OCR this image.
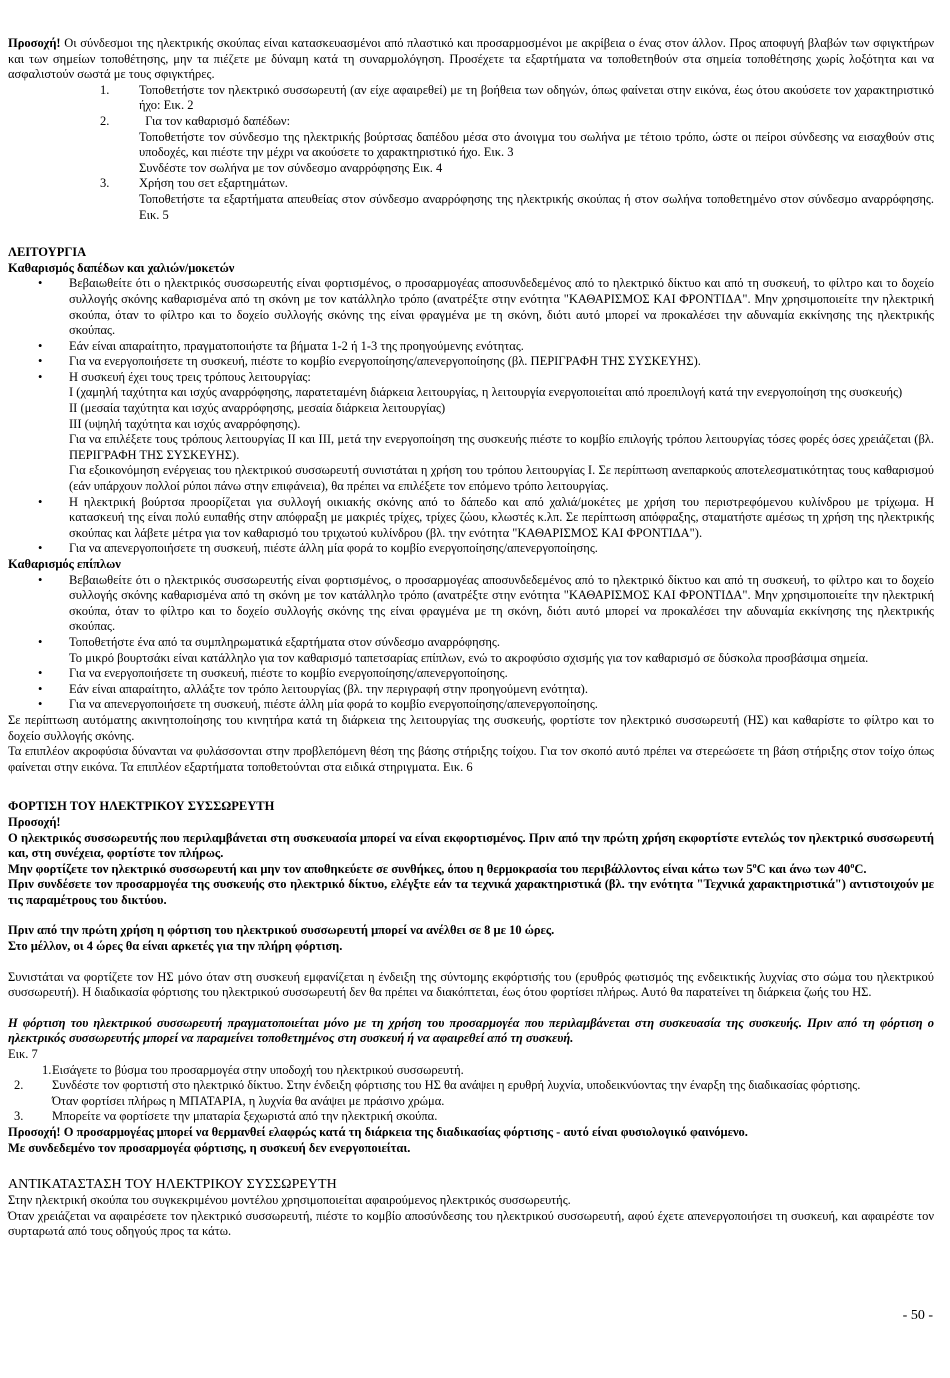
Προσοχή! Οι σύνδεσμοι της ηλεκτρικής σκούπας είναι κατασκευασμένοι από πλαστικό και προσαρμοσμένοι με ακρίβεια ο ένας στον άλλον. Προς αποφυγή βλαβών των σφιγκτήρων και των σημείων τοποθέτησης, μην τα πιέζετε με δύναμη κατά τη συναρμολόγηση. Προσέχετε τα εξαρτήματα να τοποθετηθούν στα σημεία τοποθέτησης χωρίς λοξότητα και να ασφαλιστούν σωστά με τους σφιγκτήρες.

1. Τοποθετήστε τον ηλεκτρικό συσσωρευτή (αν είχε αφαιρεθεί) με τη βοήθεια των οδηγών, όπως φαίνεται στην εικόνα, έως ότου ακούσετε τον χαρακτηριστικό ήχο: Εικ. 2

2. Για τον καθαρισμό δαπέδων:

Τοποθετήστε τον σύνδεσμο της ηλεκτρικής βούρτσας δαπέδου μέσα στο άνοιγμα του σωλήνα με τέτοιο τρόπο, ώστε οι πείροι σύνδεσης να εισαχθούν στις υποδοχές, και πιέστε την μέχρι να ακούσετε το χαρακτηριστικό ήχο. Εικ. 3

Συνδέστε τον σωλήνα με τον σύνδεσμο αναρρόφησης Εικ. 4

3. Χρήση του σετ εξαρτημάτων.

Τοποθετήστε τα εξαρτήματα απευθείας στον σύνδεσμο αναρρόφησης της ηλεκτρικής σκούπας ή στον σωλήνα τοποθετημένο στον σύνδεσμο αναρρόφησης. Εικ. 5

ΛΕΙΤΟΥΡΓΙΑ

Καθαρισμός δαπέδων και χαλιών/μοκετών

• Βεβαιωθείτε ότι ο ηλεκτρικός συσσωρευτής είναι φορτισμένος, ο προσαρμογέας αποσυνδεδεμένος από το ηλεκτρικό δίκτυο και από τη συσκευή, το φίλτρο και το δοχείο συλλογής σκόνης καθαρισμένα από τη σκόνη με τον κατάλληλο τρόπο (ανατρέξτε στην ενότητα "ΚΑΘΑΡΙΣΜΟΣ ΚΑΙ ΦΡΟΝΤΙΔΑ". Μην χρησιμοποιείτε την ηλεκτρική σκούπα, όταν το φίλτρο και το δοχείο συλλογής σκόνης της είναι φραγμένα με τη σκόνη, διότι αυτό μπορεί να προκαλέσει την αδυναμία εκκίνησης της ηλεκτρικής σκούπας.

• Εάν είναι απαραίτητο, πραγματοποιήστε τα βήματα 1-2 ή 1-3 της προηγούμενης ενότητας.

• Για να ενεργοποιήσετε τη συσκευή, πιέστε το κομβίο ενεργοποίησης/απενεργοποίησης (βλ. ΠΕΡΙΓΡΑΦΗ ΤΗΣ ΣΥΣΚΕΥΗΣ).

• Η συσκευή έχει τους τρεις τρόπους λειτουργίας:

I (χαμηλή ταχύτητα και ισχύς αναρρόφησης, παρατεταμένη διάρκεια λειτουργίας, η λειτουργία ενεργοποιείται από προεπιλογή κατά την ενεργοποίηση της συσκευής)

II (μεσαία ταχύτητα και ισχύς αναρρόφησης, μεσαία διάρκεια λειτουργίας)

III (υψηλή ταχύτητα και ισχύς αναρρόφησης).

Για να επιλέξετε τους τρόπους λειτουργίας II και III, μετά την ενεργοποίηση της συσκευής πιέστε το κομβίο επιλογής τρόπου λειτουργίας τόσες φορές όσες χρειάζεται (βλ. ΠΕΡΙΓΡΑΦΗ ΤΗΣ ΣΥΣΚΕΥΗΣ).

Για εξοικονόμηση ενέργειας του ηλεκτρικού συσσωρευτή συνιστάται η χρήση του τρόπου λειτουργίας I. Σε περίπτωση ανεπαρκούς αποτελεσματικότητας τους καθαρισμού (εάν υπάρχουν πολλοί ρύποι πάνω στην επιφάνεια), θα πρέπει να επιλέξετε τον επόμενο τρόπο λειτουργίας.

• Η ηλεκτρική βούρτσα προορίζεται για συλλογή οικιακής σκόνης από το δάπεδο και από χαλιά/μοκέτες με χρήση του περιστρεφόμενου κυλίνδρου με τρίχωμα. Η κατασκευή της είναι πολύ ευπαθής στην απόφραξη με μακριές τρίχες, τρίχες ζώου, κλωστές κ.λπ. Σε περίπτωση απόφραξης, σταματήστε αμέσως τη χρήση της ηλεκτρικής σκούπας και λάβετε μέτρα για τον καθαρισμό του τριχωτού κυλίνδρου (βλ. την ενότητα "ΚΑΘΑΡΙΣΜΟΣ ΚΑΙ ΦΡΟΝΤΙΔΑ").

• Για να απενεργοποιήσετε τη συσκευή, πιέστε άλλη μία φορά το κομβίο ενεργοποίησης/απενεργοποίησης.

Καθαρισμός επίπλων

• Βεβαιωθείτε ότι ο ηλεκτρικός συσσωρευτής είναι φορτισμένος, ο προσαρμογέας αποσυνδεδεμένος από το ηλεκτρικό δίκτυο και από τη συσκευή, το φίλτρο και το δοχείο συλλογής σκόνης καθαρισμένα από τη σκόνη με τον κατάλληλο τρόπο (ανατρέξτε στην ενότητα "ΚΑΘΑΡΙΣΜΟΣ ΚΑΙ ΦΡΟΝΤΙΔΑ". Μην χρησιμοποιείτε την ηλεκτρική σκούπα, όταν το φίλτρο και το δοχείο συλλογής σκόνης της είναι φραγμένα με τη σκόνη, διότι αυτό μπορεί να προκαλέσει την αδυναμία εκκίνησης της ηλεκτρικής σκούπας.

• Τοποθετήστε ένα από τα συμπληρωματικά εξαρτήματα στον σύνδεσμο αναρρόφησης.

Το μικρό βουρτσάκι είναι κατάλληλο για τον καθαρισμό ταπετσαρίας επίπλων, ενώ το ακροφύσιο σχισμής για τον καθαρισμό σε δύσκολα προσβάσιμα σημεία.

• Για να ενεργοποιήσετε τη συσκευή, πιέστε το κομβίο ενεργοποίησης/απενεργοποίησης.

• Εάν είναι απαραίτητο, αλλάξτε τον τρόπο λειτουργίας (βλ. την περιγραφή στην προηγούμενη ενότητα).

• Για να απενεργοποιήσετε τη συσκευή, πιέστε άλλη μία φορά το κομβίο ενεργοποίησης/απενεργοποίησης.

Σε περίπτωση αυτόματης ακινητοποίησης του κινητήρα κατά τη διάρκεια της λειτουργίας της συσκευής, φορτίστε τον ηλεκτρικό συσσωρευτή (ΗΣ) και καθαρίστε το φίλτρο και το δοχείο συλλογής σκόνης.

Τα επιπλέον ακροφύσια δύνανται να φυλάσσονται στην προβλεπόμενη θέση της βάσης στήριξης τοίχου. Για τον σκοπό αυτό πρέπει να στερεώσετε τη βάση στήριξης στον τοίχο όπως φαίνεται στην εικόνα. Τα επιπλέον εξαρτήματα τοποθετούνται στα ειδικά στηριγματα. Εικ. 6

ΦΟΡΤΙΣΗ ΤΟΥ ΗΛΕΚΤΡΙΚΟΥ ΣΥΣΣΩΡΕΥΤΗ

Προσοχή!

Ο ηλεκτρικός συσσωρευτής που περιλαμβάνεται στη συσκευασία μπορεί να είναι εκφορτισμένος. Πριν από την πρώτη χρήση εκφορτίστε εντελώς τον ηλεκτρικό συσσωρευτή και, στη συνέχεια, φορτίστε τον πλήρως.

Μην φορτίζετε τον ηλεκτρικό συσσωρευτή και μην τον αποθηκεύετε σε συνθήκες, όπου η θερμοκρασία του περιβάλλοντος είναι κάτω των 5$^o$C και άνω των 40$^o$C.

Πριν συνδέσετε τον προσαρμογέα της συσκευής στο ηλεκτρικό δίκτυο, ελέγξτε εάν τα τεχνικά χαρακτηριστικά (βλ. την ενότητα "Τεχνικά χαρακτηριστικά") αντιστοιχούν με τις παραμέτρους του δικτύου.

Πριν από την πρώτη χρήση η φόρτιση του ηλεκτρικού συσσωρευτή μπορεί να ανέλθει σε 8 με 10 ώρες.

Στο μέλλον, οι 4 ώρες θα είναι αρκετές για την πλήρη φόρτιση.

Συνιστάται να φορτίζετε τον ΗΣ μόνο όταν στη συσκευή εμφανίζεται η ένδειξη της σύντομης εκφόρτισής του (ερυθρός φωτισμός της ενδεικτικής λυχνίας στο σώμα του ηλεκτρικού συσσωρευτή). Η διαδικασία φόρτισης του ηλεκτρικού συσσωρευτή δεν θα πρέπει να διακόπτεται, έως ότου φορτίσει πλήρως. Αυτό θα παρατείνει τη διάρκεια ζωής του ΗΣ.

Η φόρτιση του ηλεκτρικού συσσωρευτή πραγματοποιείται μόνο με τη χρήση του προσαρμογέα που περιλαμβάνεται στη συσκευασία της συσκευής. Πριν από τη φόρτιση ο ηλεκτρικός συσσωρευτής μπορεί να παραμείνει τοποθετημένος στη συσκευή ή να αφαιρεθεί από τη συσκευή.

Εικ. 7

1. Εισάγετε το βύσμα του προσαρμογέα στην υποδοχή του ηλεκτρικού συσσωρευτή.

2. Συνδέστε τον φορτιστή στο ηλεκτρικό δίκτυο. Στην ένδειξη φόρτισης του ΗΣ θα ανάψει η ερυθρή λυχνία, υποδεικνύοντας την έναρξη της διαδικασίας φόρτισης.

Όταν φορτίσει πλήρως η ΜΠΑΤΑΡΙΑ, η λυχνία θα ανάψει με πράσινο χρώμα.

3. Μπορείτε να φορτίσετε την μπαταρία ξεχωριστά από την ηλεκτρική σκούπα.

Προσοχή! Ο προσαρμογέας μπορεί να θερμανθεί ελαφρώς κατά τη διάρκεια της διαδικασίας φόρτισης - αυτό είναι φυσιολογικό φαινόμενο.

Με συνδεδεμένο τον προσαρμογέα φόρτισης, η συσκευή δεν ενεργοποιείται.

ΑΝΤΙΚΑΤΑΣΤΑΣΗ ΤΟΥ ΗΛΕΚΤΡΙΚΟΥ ΣΥΣΣΩΡΕΥΤΗ

Στην ηλεκτρική σκούπα του συγκεκριμένου μοντέλου χρησιμοποιείται αφαιρούμενος ηλεκτρικός συσσωρευτής.

Όταν χρειάζεται να αφαιρέσετε τον ηλεκτρικό συσσωρευτή, πιέστε το κομβίο αποσύνδεσης του ηλεκτρικού συσσωρευτή, αφού έχετε απενεργοποιήσει τη συσκευή, και αφαιρέστε τον συρταρωτά από τους οδηγούς προς τα κάτω.

- 50 -
